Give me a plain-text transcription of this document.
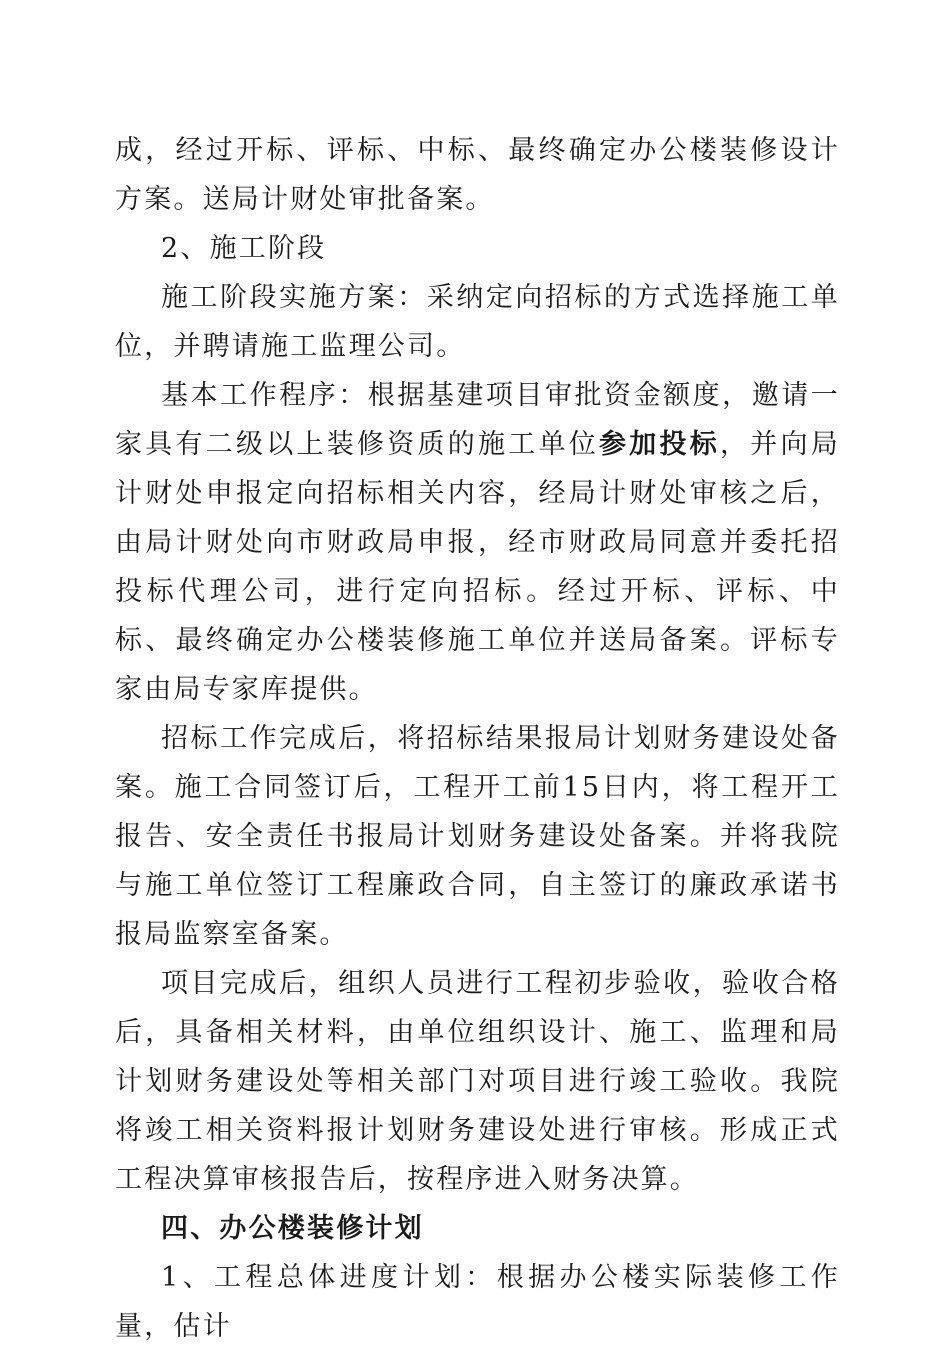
成，经过开标、评标、中标、最终确定办公楼装修设计方案。送局计财处审批备案。

2、施工阶段

施工阶段实施方案：采纳定向招标的方式选择施工单位，并聘请施工监理公司。

基本工作程序：根据基建项目审批资金额度，邀请一家具有二级以上装修资质的施工单位参加投标，并向局计财处申报定向招标相关内容，经局计财处审核之后，由局计财处向市财政局申报，经市财政局同意并委托招投标代理公司，进行定向招标。经过开标、评标、中标、最终确定办公楼装修施工单位并送局备案。评标专家由局专家库提供。

招标工作完成后，将招标结果报局计划财务建设处备案。施工合同签订后，工程开工前15日内，将工程开工报告、安全责任书报局计划财务建设处备案。并将我院与施工单位签订工程廉政合同，自主签订的廉政承诺书报局监察室备案。

项目完成后，组织人员进行工程初步验收，验收合格后，具备相关材料，由单位组织设计、施工、监理和局计划财务建设处等相关部门对项目进行竣工验收。我院将竣工相关资料报计划财务建设处进行审核。形成正式工程决算审核报告后，按程序进入财务决算。

四、办公楼装修计划

1、工程总体进度计划：根据办公楼实际装修工作量，估计
